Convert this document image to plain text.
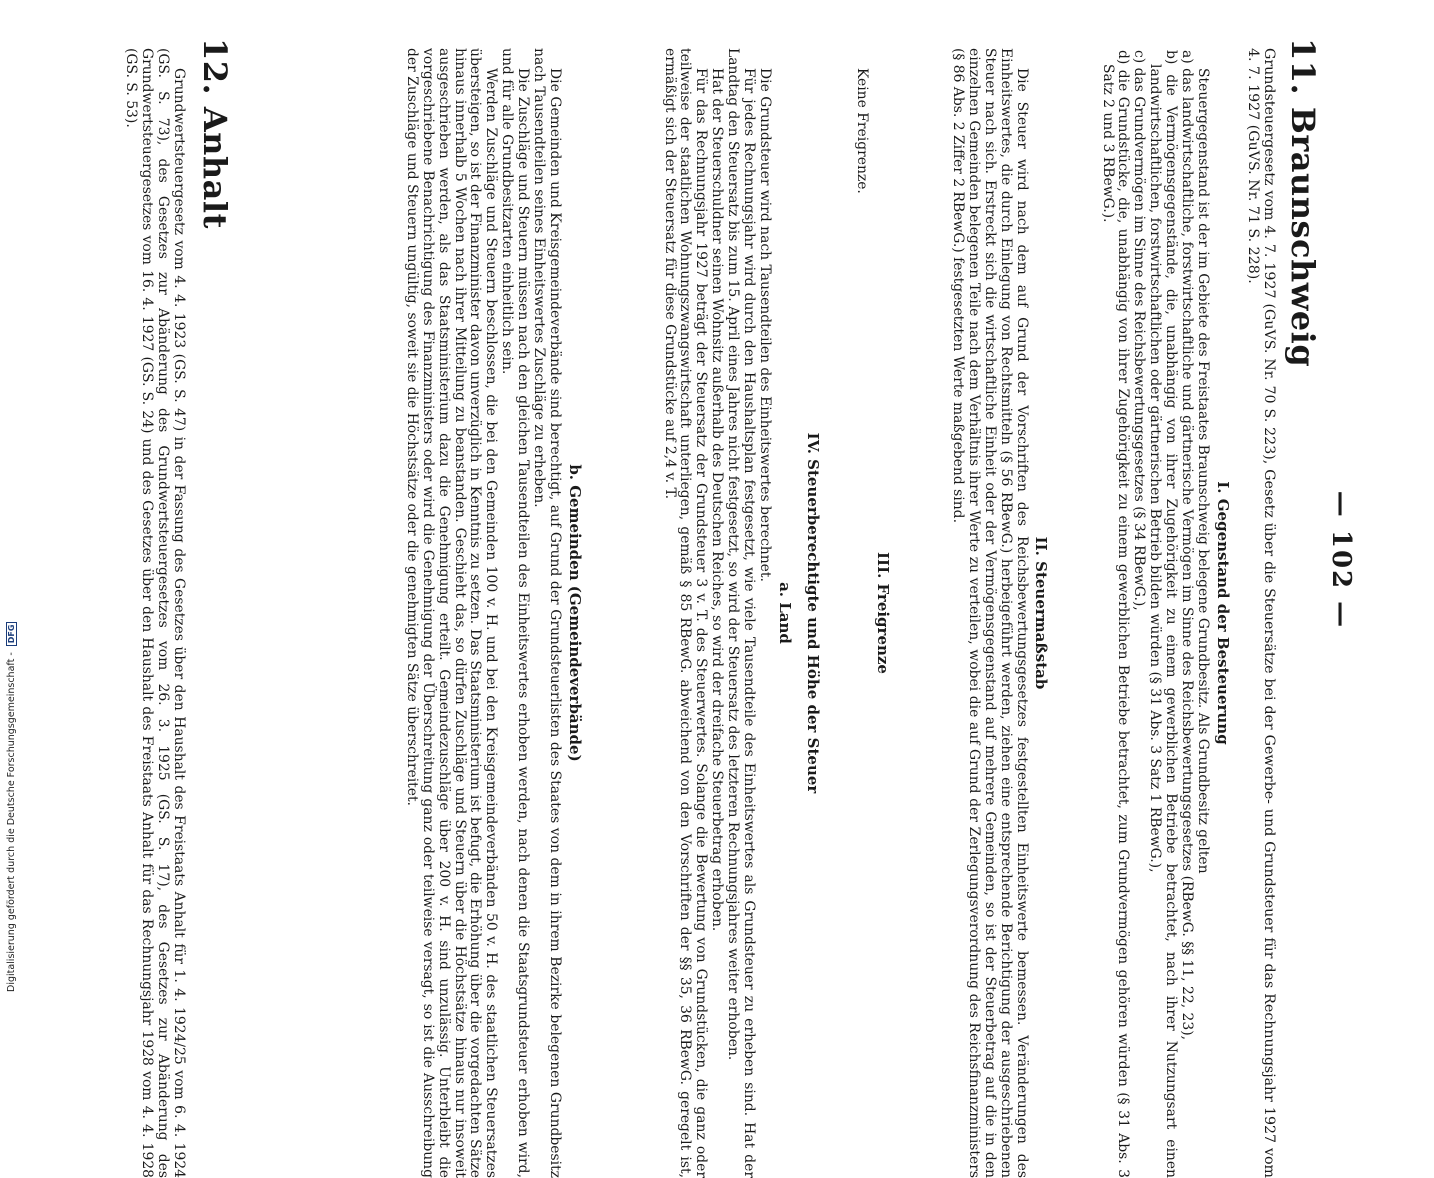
— 102 —
11. Braunschweig

Grundsteuergesetz vom 4. 7. 1927 (GuVS. Nr. 70 S. 223), Gesetz über die Steuersätze bei der Gewerbe- und Grundsteuer für das Rechnungsjahr 1927 vom 4. 7. 1927 (GuVS. Nr. 71 S. 228).

I. Gegenstand der Besteuerung
Steuergegenstand ist der im Gebiete des Freistaates Braunschweig belegene Grundbesitz. Als Grundbesitz gelten
a) das landwirtschaftliche, forstwirtschaftliche und gärtnerische Vermögen im Sinne des Reichsbewertungsgesetzes (RBewG. §§ 11, 22, 23),
b) die Vermögensgegenstände, die, unabhängig von ihrer Zugehörigkeit zu einem gewerblichen Betriebe betrachtet, nach ihrer Nutzungsart einen landwirtschaftlichen, forstwirtschaftlichen oder gärtnerischen Betrieb bilden würden (§ 31 Abs. 3 Satz 1 RBewG.),
c) das Grundvermögen im Sinne des Reichsbewertungsgesetzes (§ 34 RBewG.),
d) die Grundstücke, die, unabhängig von ihrer Zugehörigkeit zu einem gewerblichen Betriebe betrachtet, zum Grundvermögen gehören würden (§ 31 Abs. 3 Satz 2 und 3 RBewG.).
II. Steuermaßstab

Die Steuer wird nach dem auf Grund der Vorschriften des Reichsbewertungsgesetzes festgestellten Einheitswerte bemessen. Veränderungen des Einheitswertes, die durch Einlegung von Rechtsmitteln (§ 56 RBewG.) herbeigeführt werden, ziehen eine entsprechende Berichtigung der ausgeschriebenen Steuer nach sich. Erstreckt sich die wirtschaftliche Einheit oder der Vermögensgegenstand auf mehrere Gemeinden, so ist der Steuerbetrag auf die in den einzelnen Gemeinden belegenen Teile nach dem Verhältnis ihrer Werte zu verteilen, wobei die auf Grund der Zerlegungsverordnung des Reichsfinanzministers (§ 86 Abs. 2 Ziffer 2 RBewG.) festgesetzten Werte maßgebend sind.

III. Freigrenze

Keine Freigrenze.

IV. Steuerberechtigte und Höhe der Steuer
a. Land
Die Grundsteuer wird nach Tausendteilen des Einheitswertes berechnet.
Für jedes Rechnungsjahr wird durch den Haushaltsplan festgesetzt, wie viele Tausendteile des Einheitswertes als Grundsteuer zu erheben sind. Hat der Landtag den Steuersatz bis zum 15. April eines Jahres nicht festgesetzt, so wird der Steuersatz des letzteren Rechnungsjahres weiter erhoben.
Hat der Steuerschuldner seinen Wohnsitz außerhalb des Deutschen Reiches, so wird der dreifache Steuerbetrag erhoben.
Für das Rechnungsjahr 1927 beträgt der Steuersatz der Grundsteuer 3 v. T. des Steuerwertes. Solange die Bewertung von Grundstücken, die ganz oder teilweise der staatlichen Wohnungszwangswirtschaft unterliegen, gemäß § 85 RBewG. abweichend von den Vorschriften der §§ 35, 36 RBewG. geregelt ist, ermäßigt sich der Steuersatz für diese Grundstücke auf 2,4 v. T.
b. Gemeinden (Gemeindeverbände)
Die Gemeinden und Kreisgemeindeverbände sind berechtigt, auf Grund der Grundsteuerlisten des Staates von dem in ihrem Bezirke belegenen Grundbesitz nach Tausendteilen seines Einheitswertes Zuschläge zu erheben.
Die Zuschläge und Steuern müssen nach den gleichen Tausendteilen des Einheitswertes erhoben werden, nach denen die Staatsgrundsteuer erhoben wird, und für alle Grundbesitzarten einheitlich sein.
Werden Zuschläge und Steuern beschlossen, die bei den Gemeinden 100 v. H. und bei den Kreisgemeindeverbänden 50 v. H. des staatlichen Steuersatzes übersteigen, so ist der Finanzminister davon unverzüglich in Kenntnis zu setzen. Das Staatsministerium ist befugt, die Erhöhung über die vorgedachten Sätze hinaus innerhalb 5 Wochen nach ihrer Mitteilung zu beanstanden. Geschieht das, so dürfen Zuschläge und Steuern über die Höchstsätze hinaus nur insoweit ausgeschrieben werden, als das Staatsministerium dazu die Genehmigung erteilt. Gemeindezuschläge über 200 v. H. sind unzulässig. Unterbleibt die vorgeschriebene Benachrichtigung des Finanzministers oder wird die Genehmigung der Überschreitung ganz oder teilweise versagt, so ist die Ausschreibung der Zuschläge und Steuern ungültig, soweit sie die Höchstsätze oder die genehmigten Sätze überschreitet.
12. Anhalt

Grundwertsteuergesetz vom 4. 4. 1923 (GS. S. 47) in der Fassung des Gesetzes über den Haushalt des Freistaats Anhalt für 1. 4. 1924/25 vom 6. 4. 1924 (GS. S. 73), des Gesetzes zur Abänderung des Grundwertsteuergesetzes vom 26. 3. 1925 (GS. S. 17), des Gesetzes zur Abänderung des Grundwertsteuergesetzes vom 16. 4. 1927 (GS. S. 24) und des Gesetzes über den Haushalt des Freistaats Anhalt für das Rechnungsjahr 1928 vom 4. 4. 1928 (GS. S. 53).

Digitalisierung gefördert durch die Deutsche Forschungsgemeinschaft - DFG
